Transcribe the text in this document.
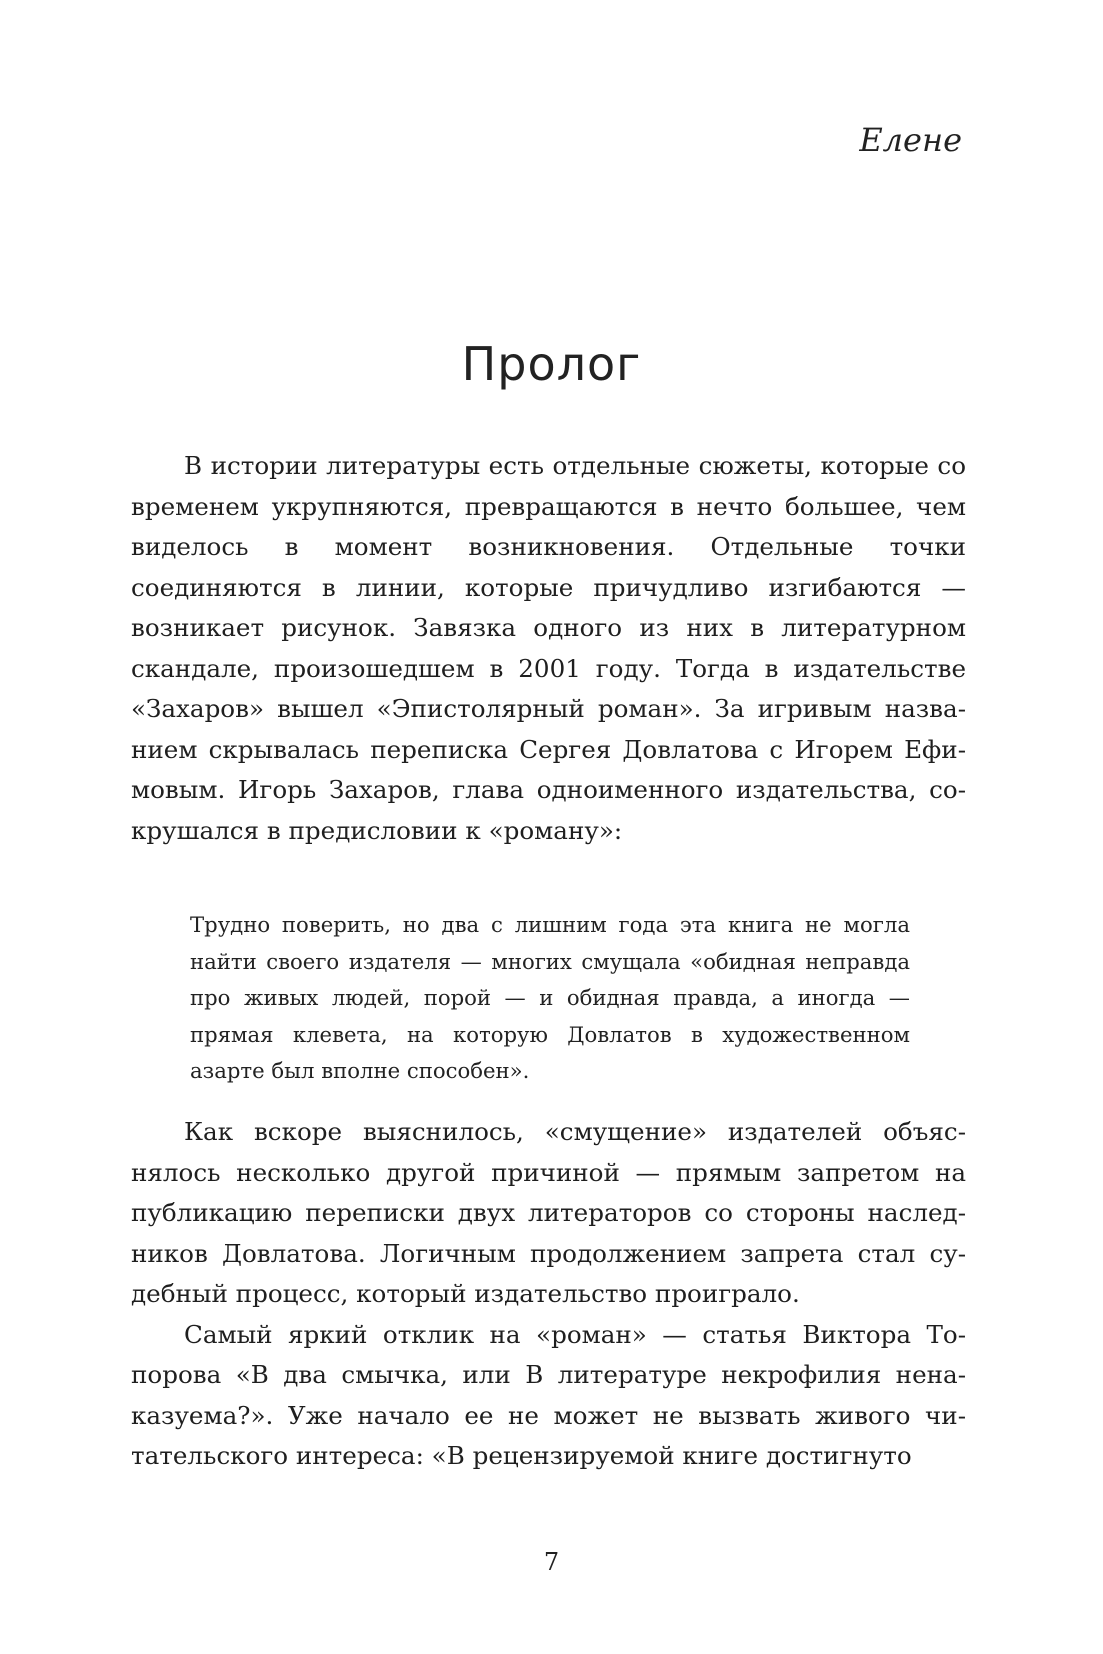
Елене
Пролог

В истории литературы есть отдельные сюжеты, которые со временем укрупняются, превращаются в нечто большее, чем виделось в момент возникновения. Отдельные точки соединяются в линии, которые причудливо изгибаются — возникает рисунок. Завязка одного из них в литературном скандале, произошедшем в 2001 году. Тогда в издательстве «Захаров» вышел «Эпистолярный роман». За игривым названием скрывалась переписка Сергея Довлатова с Игорем Ефимовым. Игорь Захаров, глава одноименного издательства, сокрушался в предисловии к «роману»:

Трудно поверить, но два с лишним года эта книга не могла найти своего издателя — многих смущала «обидная неправда про живых людей, порой — и обидная правда, а иногда — прямая клевета, на которую Довлатов в художественном азарте был вполне способен».

Как вскоре выяснилось, «смущение» издателей объяснялось несколько другой причиной — прямым запретом на публикацию переписки двух литераторов со стороны наследников Довлатова. Логичным продолжением запрета стал судебный процесс, который издательство проиграло.

Самый яркий отклик на «роман» — статья Виктора Топорова «В два смычка, или В литературе некрофилия ненаказуема?». Уже начало ее не может не вызвать живого читательского интереса: «В рецензируемой книге достигнуто

7
